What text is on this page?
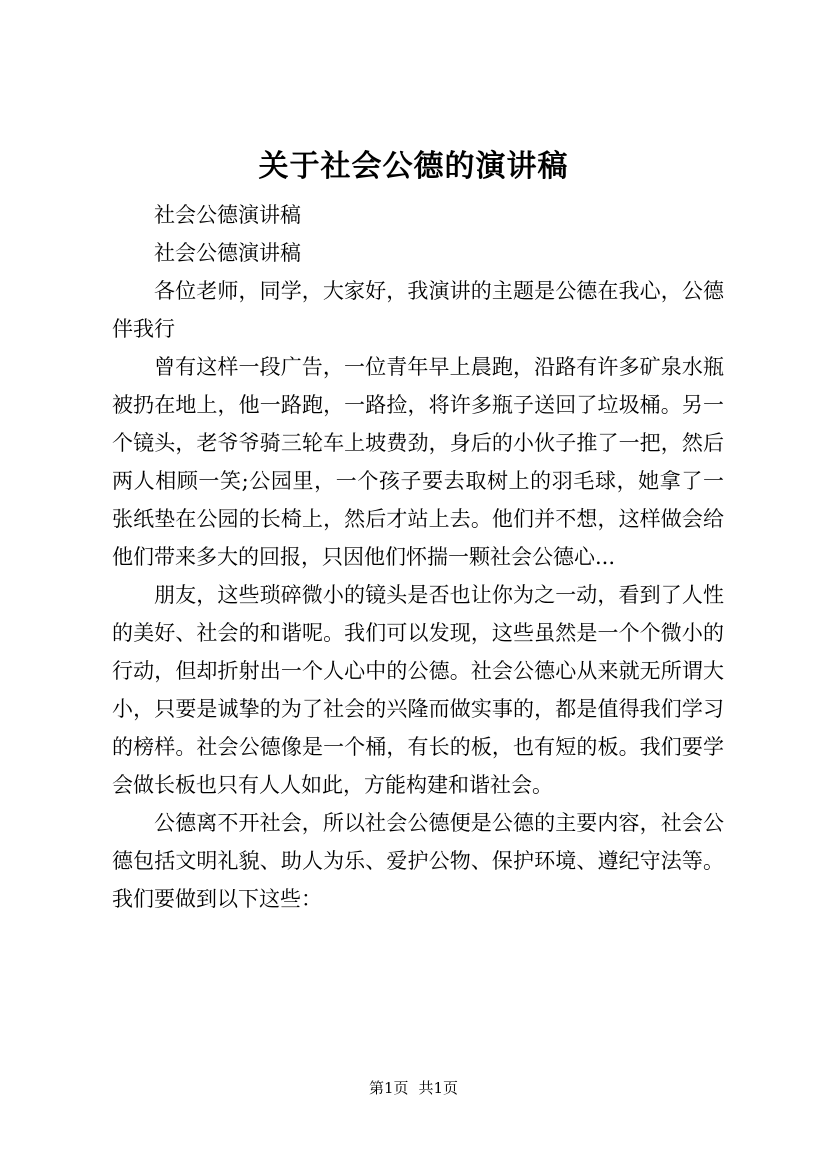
关于社会公德的演讲稿

社会公德演讲稿

社会公德演讲稿

各位老师，同学，大家好，我演讲的主题是公德在我心，公德伴我行

曾有这样一段广告，一位青年早上晨跑，沿路有许多矿泉水瓶被扔在地上，他一路跑，一路捡，将许多瓶子送回了垃圾桶。另一个镜头，老爷爷骑三轮车上坡费劲，身后的小伙子推了一把，然后两人相顾一笑;公园里，一个孩子要去取树上的羽毛球，她拿了一张纸垫在公园的长椅上，然后才站上去。他们并不想，这样做会给他们带来多大的回报，只因他们怀揣一颗社会公德心...

朋友，这些琐碎微小的镜头是否也让你为之一动，看到了人性的美好、社会的和谐呢。我们可以发现，这些虽然是一个个微小的行动，但却折射出一个人心中的公德。社会公德心从来就无所谓大小，只要是诚挚的为了社会的兴隆而做实事的，都是值得我们学习的榜样。社会公德像是一个桶，有长的板，也有短的板。我们要学会做长板也只有人人如此，方能构建和谐社会。

公德离不开社会，所以社会公德便是公德的主要内容，社会公德包括文明礼貌、助人为乐、爱护公物、保护环境、遵纪守法等。我们要做到以下这些：

第1页 共1页
